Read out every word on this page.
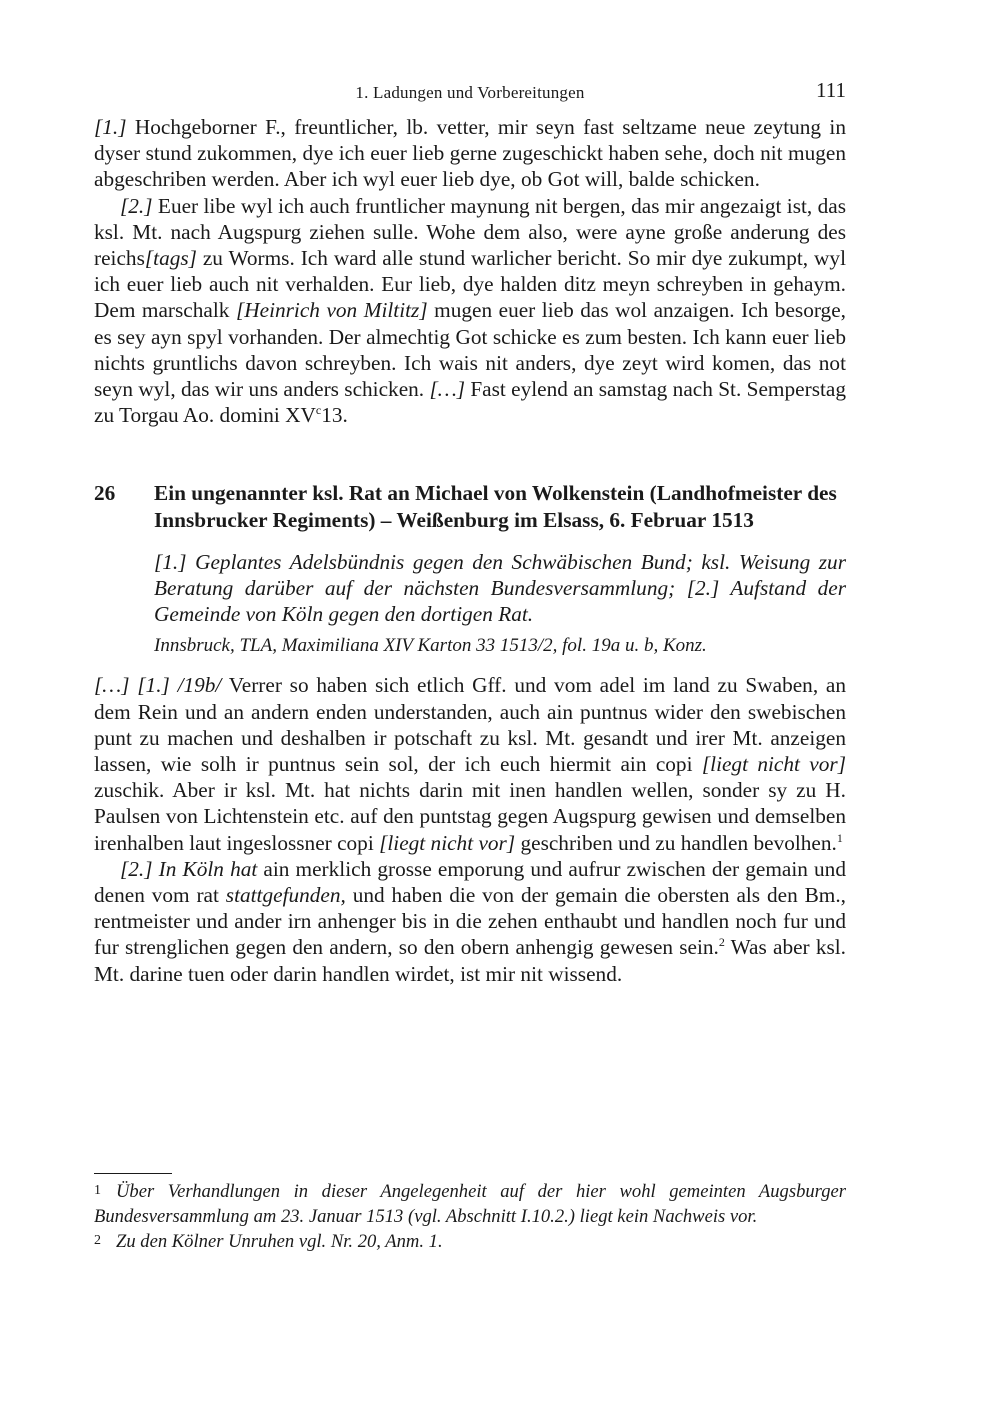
1. Ladungen und Vorbereitungen	111

[1.] Hochgeborner F., freuntlicher, lb. vetter, mir seyn fast seltzame neue zeytung in dyser stund zukommen, dye ich euer lieb gerne zugeschickt haben sehe, doch nit mugen abgeschriben werden. Aber ich wyl euer lieb dye, ob Got will, balde schicken.

[2.] Euer libe wyl ich auch fruntlicher maynung nit bergen, das mir angezaigt ist, das ksl. Mt. nach Augspurg ziehen sulle. Wohe dem also, were ayne große anderung des reichs[tags] zu Worms. Ich ward alle stund warlicher bericht. So mir dye zukumpt, wyl ich euer lieb auch nit verhalden. Eur lieb, dye halden ditz meyn schreyben in gehaym. Dem marschalk [Heinrich von Miltitz] mugen euer lieb das wol anzaigen. Ich besorge, es sey ayn spyl vorhanden. Der almechtig Got schicke es zum besten. Ich kann euer lieb nichts gruntlichs davon schreyben. Ich wais nit anders, dye zeyt wird komen, das not seyn wyl, das wir uns anders schicken. […] Fast eylend an samstag nach St. Semperstag zu Torgau Ao. domini $XV^c13$.

26	Ein ungenannter ksl. Rat an Michael von Wolkenstein (Landhofmeister des Innsbrucker Regiments) – Weißenburg im Elsass, 6. Februar 1513

[1.] Geplantes Adelsbündnis gegen den Schwäbischen Bund; ksl. Weisung zur Beratung darüber auf der nächsten Bundesversammlung; [2.] Aufstand der Gemeinde von Köln gegen den dortigen Rat.

Innsbruck, TLA, Maximiliana XIV Karton 33 1513/2, fol. 19a u. b, Konz.

[…] [1.] /19b/ Verrer so haben sich etlich Gff. und vom adel im land zu Swaben, an dem Rein und an andern enden understanden, auch ain puntnus wider den swebischen punt zu machen und deshalben ir potschaft zu ksl. Mt. gesandt und irer Mt. anzeigen lassen, wie solh ir puntnus sein sol, der ich euch hiermit ain copi [liegt nicht vor] zuschik. Aber ir ksl. Mt. hat nichts darin mit inen handlen wellen, sonder sy zu H. Paulsen von Lichtenstein etc. auf den puntstag gegen Augspurg gewisen und demselben irenhalben laut ingeslossner copi [liegt nicht vor] geschriben und zu handlen bevolhen.$^1$

[2.] In Köln hat ain merklich grosse emporung und aufrur zwischen der gemain und denen vom rat stattgefunden, und haben die von der gemain die obersten als den Bm., rentmeister und ander irn anhenger bis in die zehen enthaubt und handlen noch fur und fur strenglichen gegen den andern, so den obern anhengig gewesen sein.$^2$ Was aber ksl. Mt. darine tuen oder darin handlen wirdet, ist mir nit wissend.

1 Über Verhandlungen in dieser Angelegenheit auf der hier wohl gemeinten Augsburger Bundesversammlung am 23. Januar 1513 (vgl. Abschnitt I.10.2.) liegt kein Nachweis vor.

2 Zu den Kölner Unruhen vgl. Nr. 20, Anm. 1.
